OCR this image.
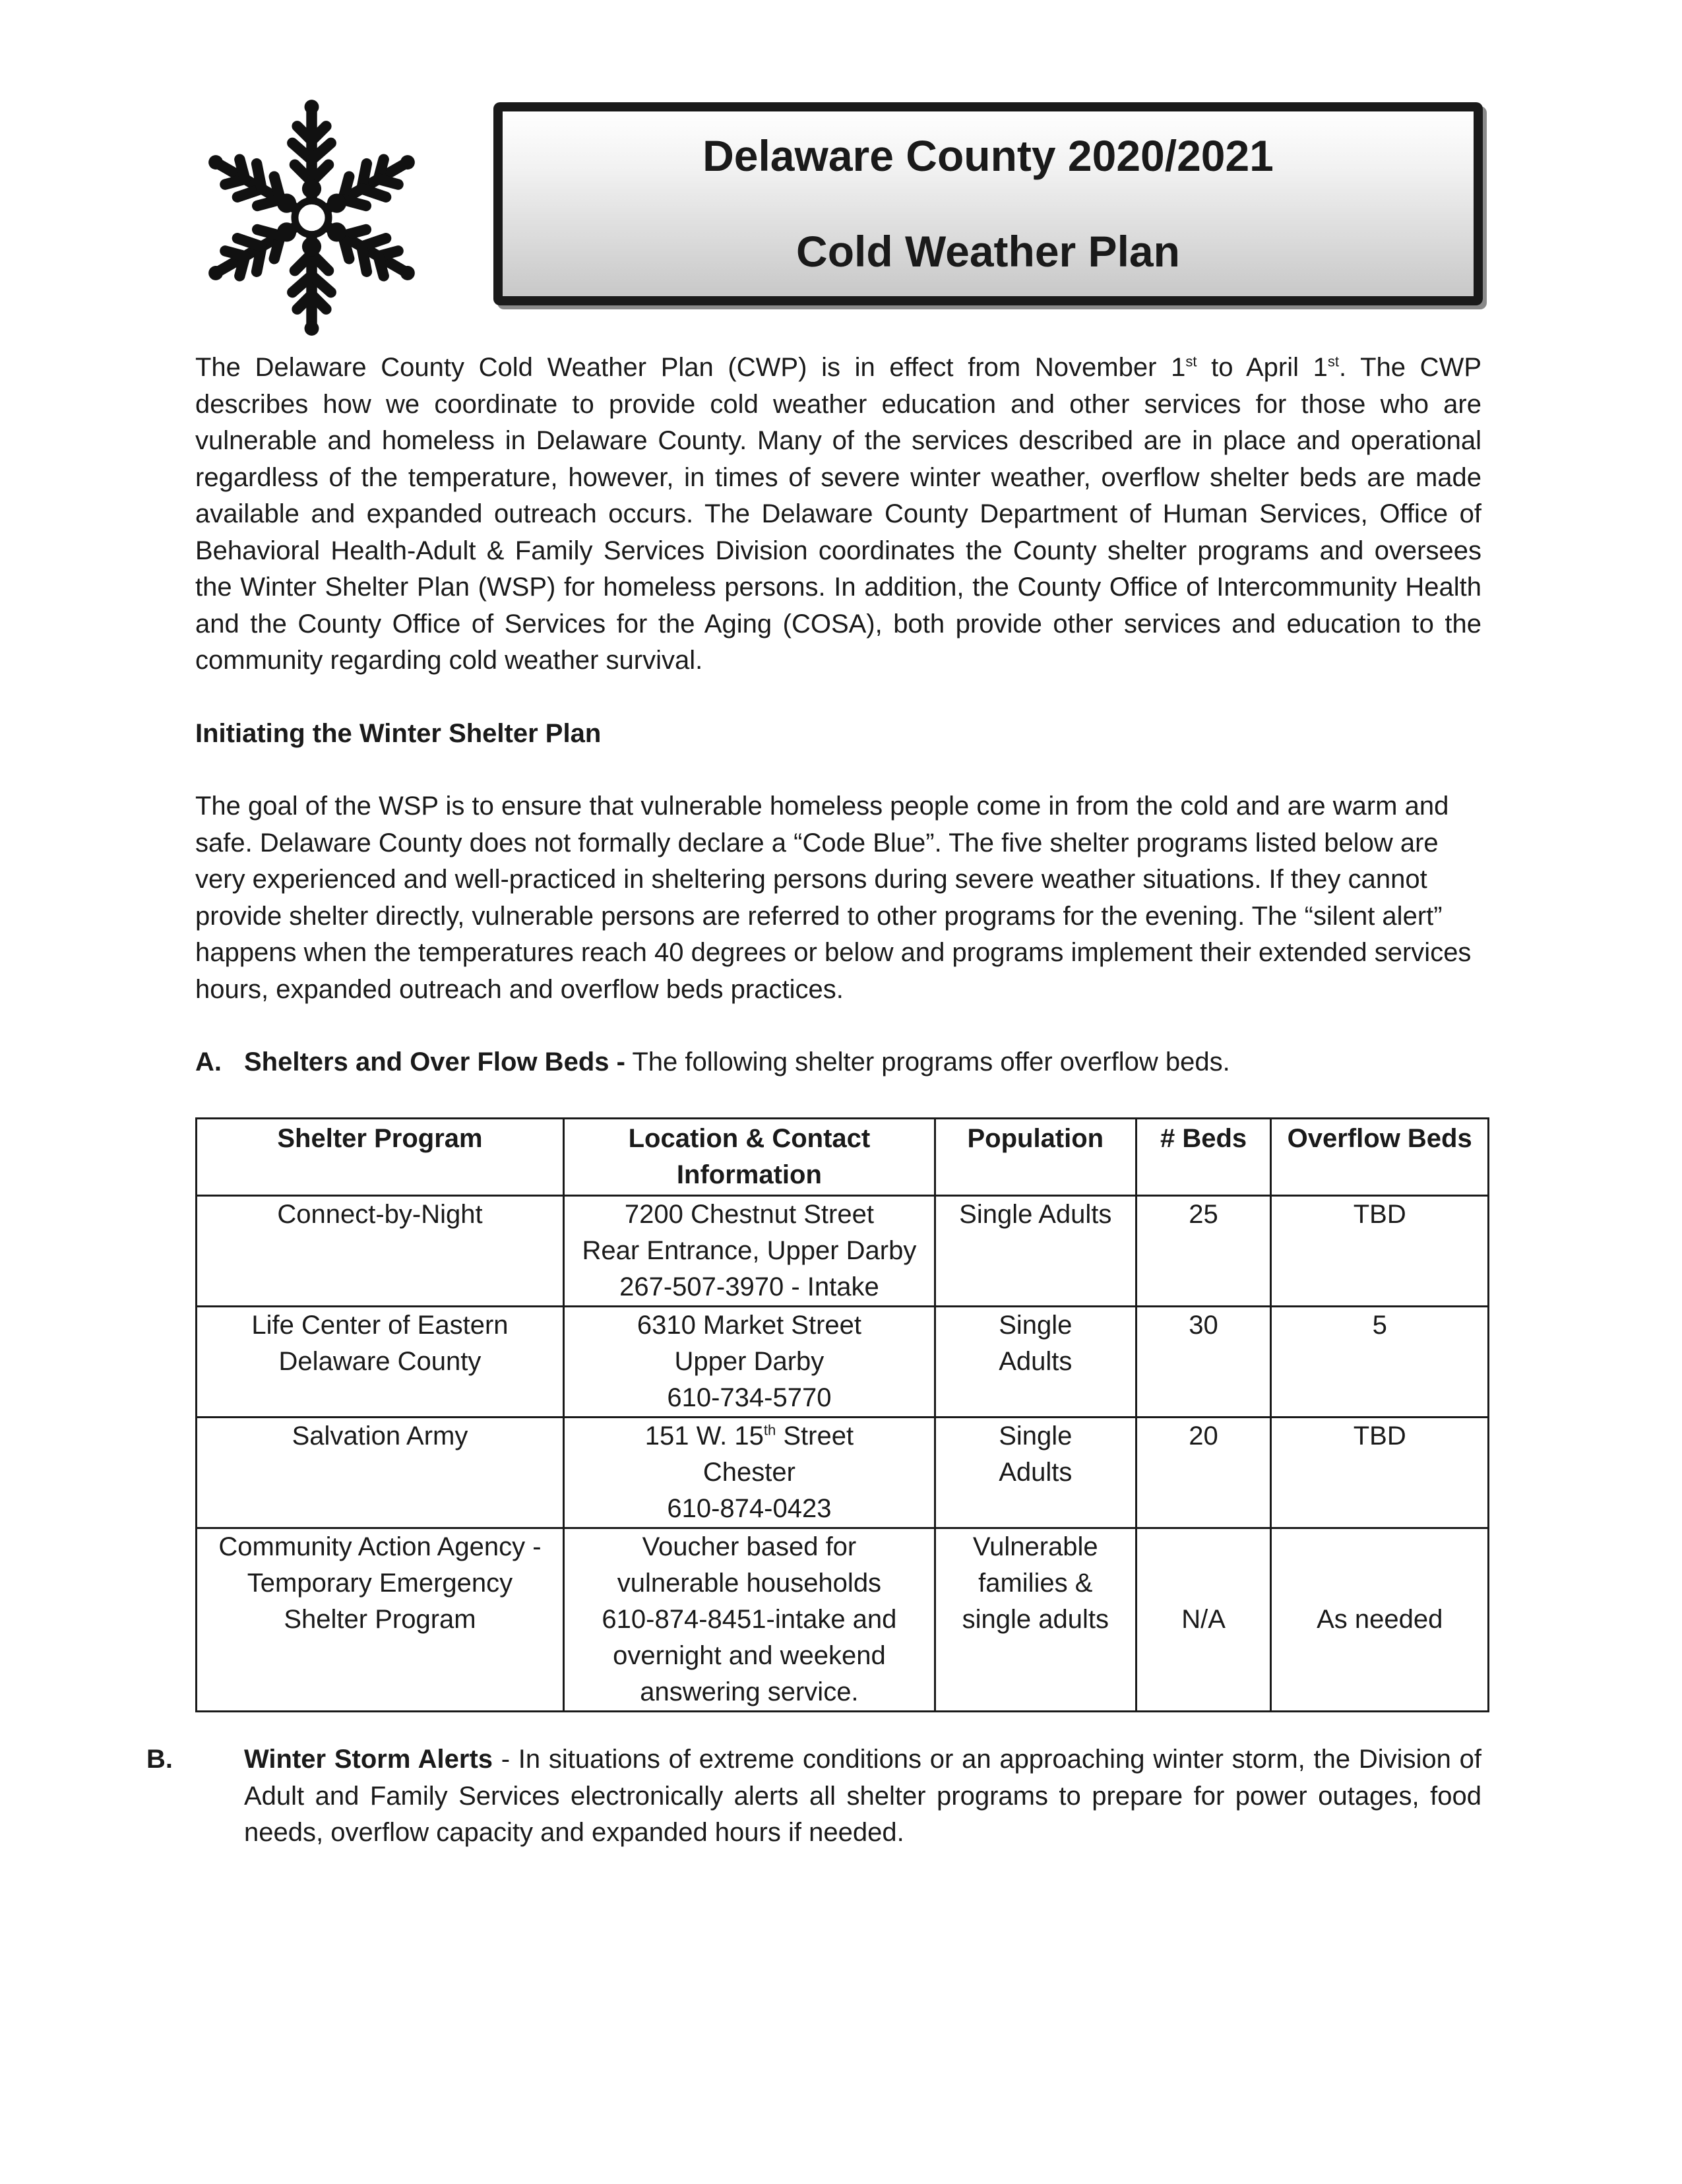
Delaware County 2020/2021
Cold Weather Plan

The Delaware County Cold Weather Plan (CWP) is in effect from November 1st to April 1st. The CWP describes how we coordinate to provide cold weather education and other services for those who are vulnerable and homeless in Delaware County. Many of the services described are in place and operational regardless of the temperature, however, in times of severe winter weather, overflow shelter beds are made available and expanded outreach occurs. The Delaware County Department of Human Services, Office of Behavioral Health-Adult & Family Services Division coordinates the County shelter programs and oversees the Winter Shelter Plan (WSP) for homeless persons. In addition, the County Office of Intercommunity Health and the County Office of Services for the Aging (COSA), both provide other services and education to the community regarding cold weather survival.

Initiating the Winter Shelter Plan

The goal of the WSP is to ensure that vulnerable homeless people come in from the cold and are warm and safe. Delaware County does not formally declare a “Code Blue”. The five shelter programs listed below are very experienced and well-practiced in sheltering persons during severe weather situations. If they cannot provide shelter directly, vulnerable persons are referred to other programs for the evening. The “silent alert” happens when the temperatures reach 40 degrees or below and programs implement their extended services hours, expanded outreach and overflow beds practices.

A. Shelters and Over Flow Beds - The following shelter programs offer overflow beds.

Shelter Program	Location & Contact Information	Population	# Beds	Overflow Beds
Connect-by-Night	7200 Chestnut Street
Rear Entrance, Upper Darby
267-507-3970 - Intake	Single Adults	25	TBD
Life Center of Eastern
Delaware County	6310 Market Street
Upper Darby
610-734-5770	Single
Adults	30	5
Salvation Army	151 W. 15th Street
Chester
610-874-0423	Single
Adults	20	TBD
Community Action Agency -
Temporary Emergency
Shelter Program	Voucher based for
vulnerable households
610-874-8451-intake and
overnight and weekend
answering service.	Vulnerable
families &
single adults	N/A	As needed

B.	Winter Storm Alerts - In situations of extreme conditions or an approaching winter storm, the Division of Adult and Family Services electronically alerts all shelter programs to prepare for power outages, food needs, overflow capacity and expanded hours if needed.
